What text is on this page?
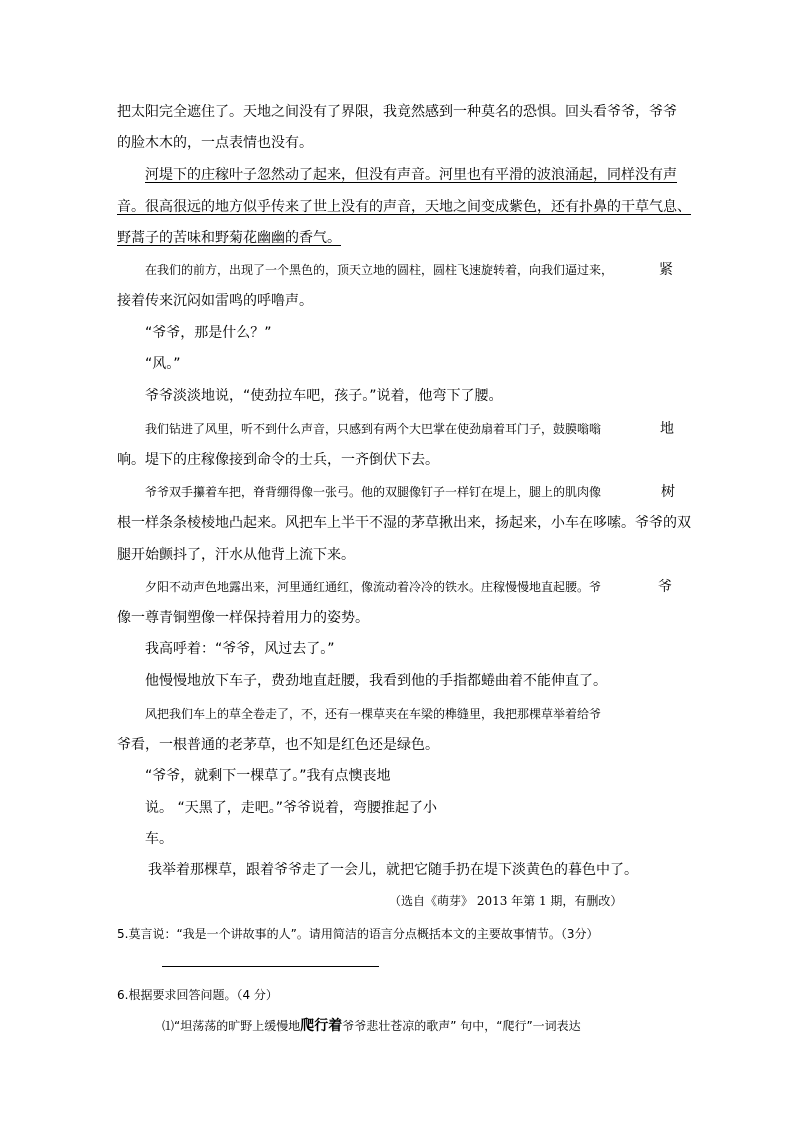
把太阳完全遮住了。天地之间没有了界限，我竟然感到一种莫名的恐惧。回头看爷爷，爷爷
的脸木木的，一点表情也没有。
河堤下的庄稼叶子忽然动了起来，但没有声音。河里也有平滑的波浪涌起，同样没有声
音。很高很远的地方似乎传来了世上没有的声音，天地之间变成紫色，还有扑鼻的干草气息、
野蒿子的苦味和野菊花幽幽的香气。
在我们的前方，出现了一个黑色的，顶天立地的圆柱，圆柱飞速旋转着，向我们逼过来，	紧
接着传来沉闷如雷鸣的呼噜声。
“爷爷，那是什么？”
“风。”
爷爷淡淡地说，“使劲拉车吧，孩子。”说着，他弯下了腰。
我们钻进了风里，听不到什么声音，只感到有两个大巴掌在使劲扇着耳门子，鼓膜嗡嗡	地
响。堤下的庄稼像接到命令的士兵，一齐倒伏下去。
爷爷双手攥着车把，脊背绷得像一张弓。他的双腿像钉子一样钉在堤上，腿上的肌肉像	树
根一样条条棱棱地凸起来。风把车上半干不湿的茅草揪出来，扬起来，小车在哆嗦。爷爷的双
腿开始颤抖了，汗水从他背上流下来。
夕阳不动声色地露出来，河里通红通红，像流动着冷冷的铁水。庄稼慢慢地直起腰。爷	爷
像一尊青铜塑像一样保持着用力的姿势。
我高呼着：“爷爷，风过去了。”
他慢慢地放下车子，费劲地直赶腰，我看到他的手指都蜷曲着不能伸直了。
风把我们车上的草全卷走了，不，还有一棵草夹在车梁的榫缝里，我把那棵草举着给爷
爷看，一根普通的老茅草，也不知是红色还是绿色。
“爷爷，就剩下一棵草了。”我有点懊丧地
说。 “天黑了，走吧。”爷爷说着，弯腰推起了小
车。
我举着那棵草，跟着爷爷走了一会儿，就把它随手扔在堤下淡黄色的暮色中了。
（选自《萌芽》 2013 年第 1 期，有删改）
5.莫言说：“我是一个讲故事的人”。请用简洁的语言分点概括本文的主要故事情节。（3分）
6.根据要求回答问题。（4 分）
⑴“坦荡荡的旷野上缓慢地爬行着爷爷悲壮苍凉的歌声” 句中，“爬行”一词表达
